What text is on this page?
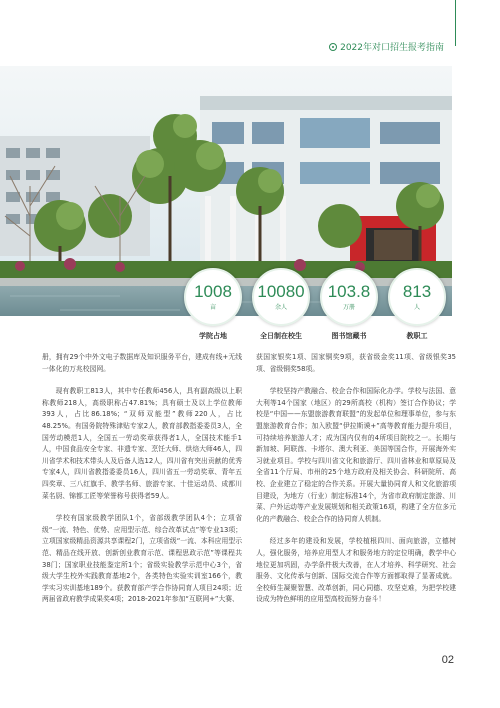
2022年对口招生报考指南
1008
亩
学院占地
10080
余人
全日制在校生
103.8
万册
图书馆藏书
813
人
教职工

册，拥有29个中外文电子数据库及知识服务平台，建成有线+无线一体化的万兆校园网。

现有教职工813人，其中专任教师456人，具有副高级以上职称教师218人，高级职称占47.81%；具有硕士及以上学位教师393人，占比86.18%；“双师双能型”教师220人，占比48.25%。有国务院特殊津贴专家2人，教育部教指委委员3人，全国劳动模范1人，全国五一劳动奖章获得者1人，全国技术能手1人，中国食品安全专家、非遗专家、烹饪大师、烘焙大师46人，四川省学术和技术带头人及后备人选12人，四川省有突出贡献的优秀专家4人，四川省教指委委员16人，四川省五一劳动奖章、青年五四奖章、三八红旗手、教学名师、旅游专家、十佳运动员、成都川菜名厨、锦都工匠等荣誉称号获得者59人。

学校有国家级教学团队1个，省部级教学团队4个；立项省级“一流、特色、优势、应用型示范、综合改革试点”等专业13项；立项国家级精品资源共享课程2门，立项省级“一流、本科应用型示范、精品在线开放、创新创业教育示范、课程思政示范”等课程共38门；国家职业技能鉴定所1个；省级实验教学示范中心3个，省级大学生校外实践教育基地2个，各类特色实验实训室166个，教学实习实训基地189个。获教育部产学合作协同育人项目24项；近两届省政府教学成果奖4项；2018-2021年参加“互联网+”大赛、

获国家银奖1项、国家铜奖9项，获省级金奖11项、省级银奖35项、省级铜奖58项。

学校坚持产教融合、校企合作和国际化办学。学校与法国、意大利等14个国家（地区）的29所高校（机构）签订合作协议；学校是“中国——东盟旅游教育联盟”的发起单位和理事单位，参与东盟旅游教育合作；加入欧盟“伊拉斯谟+”高等教育能力提升项目，可持续培养旅游人才；成为国内仅有的4所项目院校之一。长期与新加坡、阿联酋、卡塔尔、澳大利亚、美国等国合作，开展海外实习就业项目。学校与四川省文化和旅游厅、四川省林业和草原局及全省11个厅局、市州的25个地方政府及相关协会、科研院所、高校、企业建立了稳定的合作关系。开展大量协同育人和文化旅游项目建设，为地方（行业）制定标准14个，为省市政府制定旅游、川菜、户外运动等产业发展规划和相关政策16项，构建了全方位多元化的产教融合、校企合作的协同育人机制。

经过多年的建设和发展，学校植根四川、面向旅游，立德树人，强化服务，培养应用型人才和服务地方的定位明确，教学中心地位更加巩固，办学条件极大改善，在人才培养、科学研究、社会服务、文化传承与创新、国际交流合作等方面都取得了显著成就。全校师生凝聚智慧、改革创新，同心同德、攻坚克难，为把学校建设成为特色鲜明的应用型高校而努力奋斗！

02
